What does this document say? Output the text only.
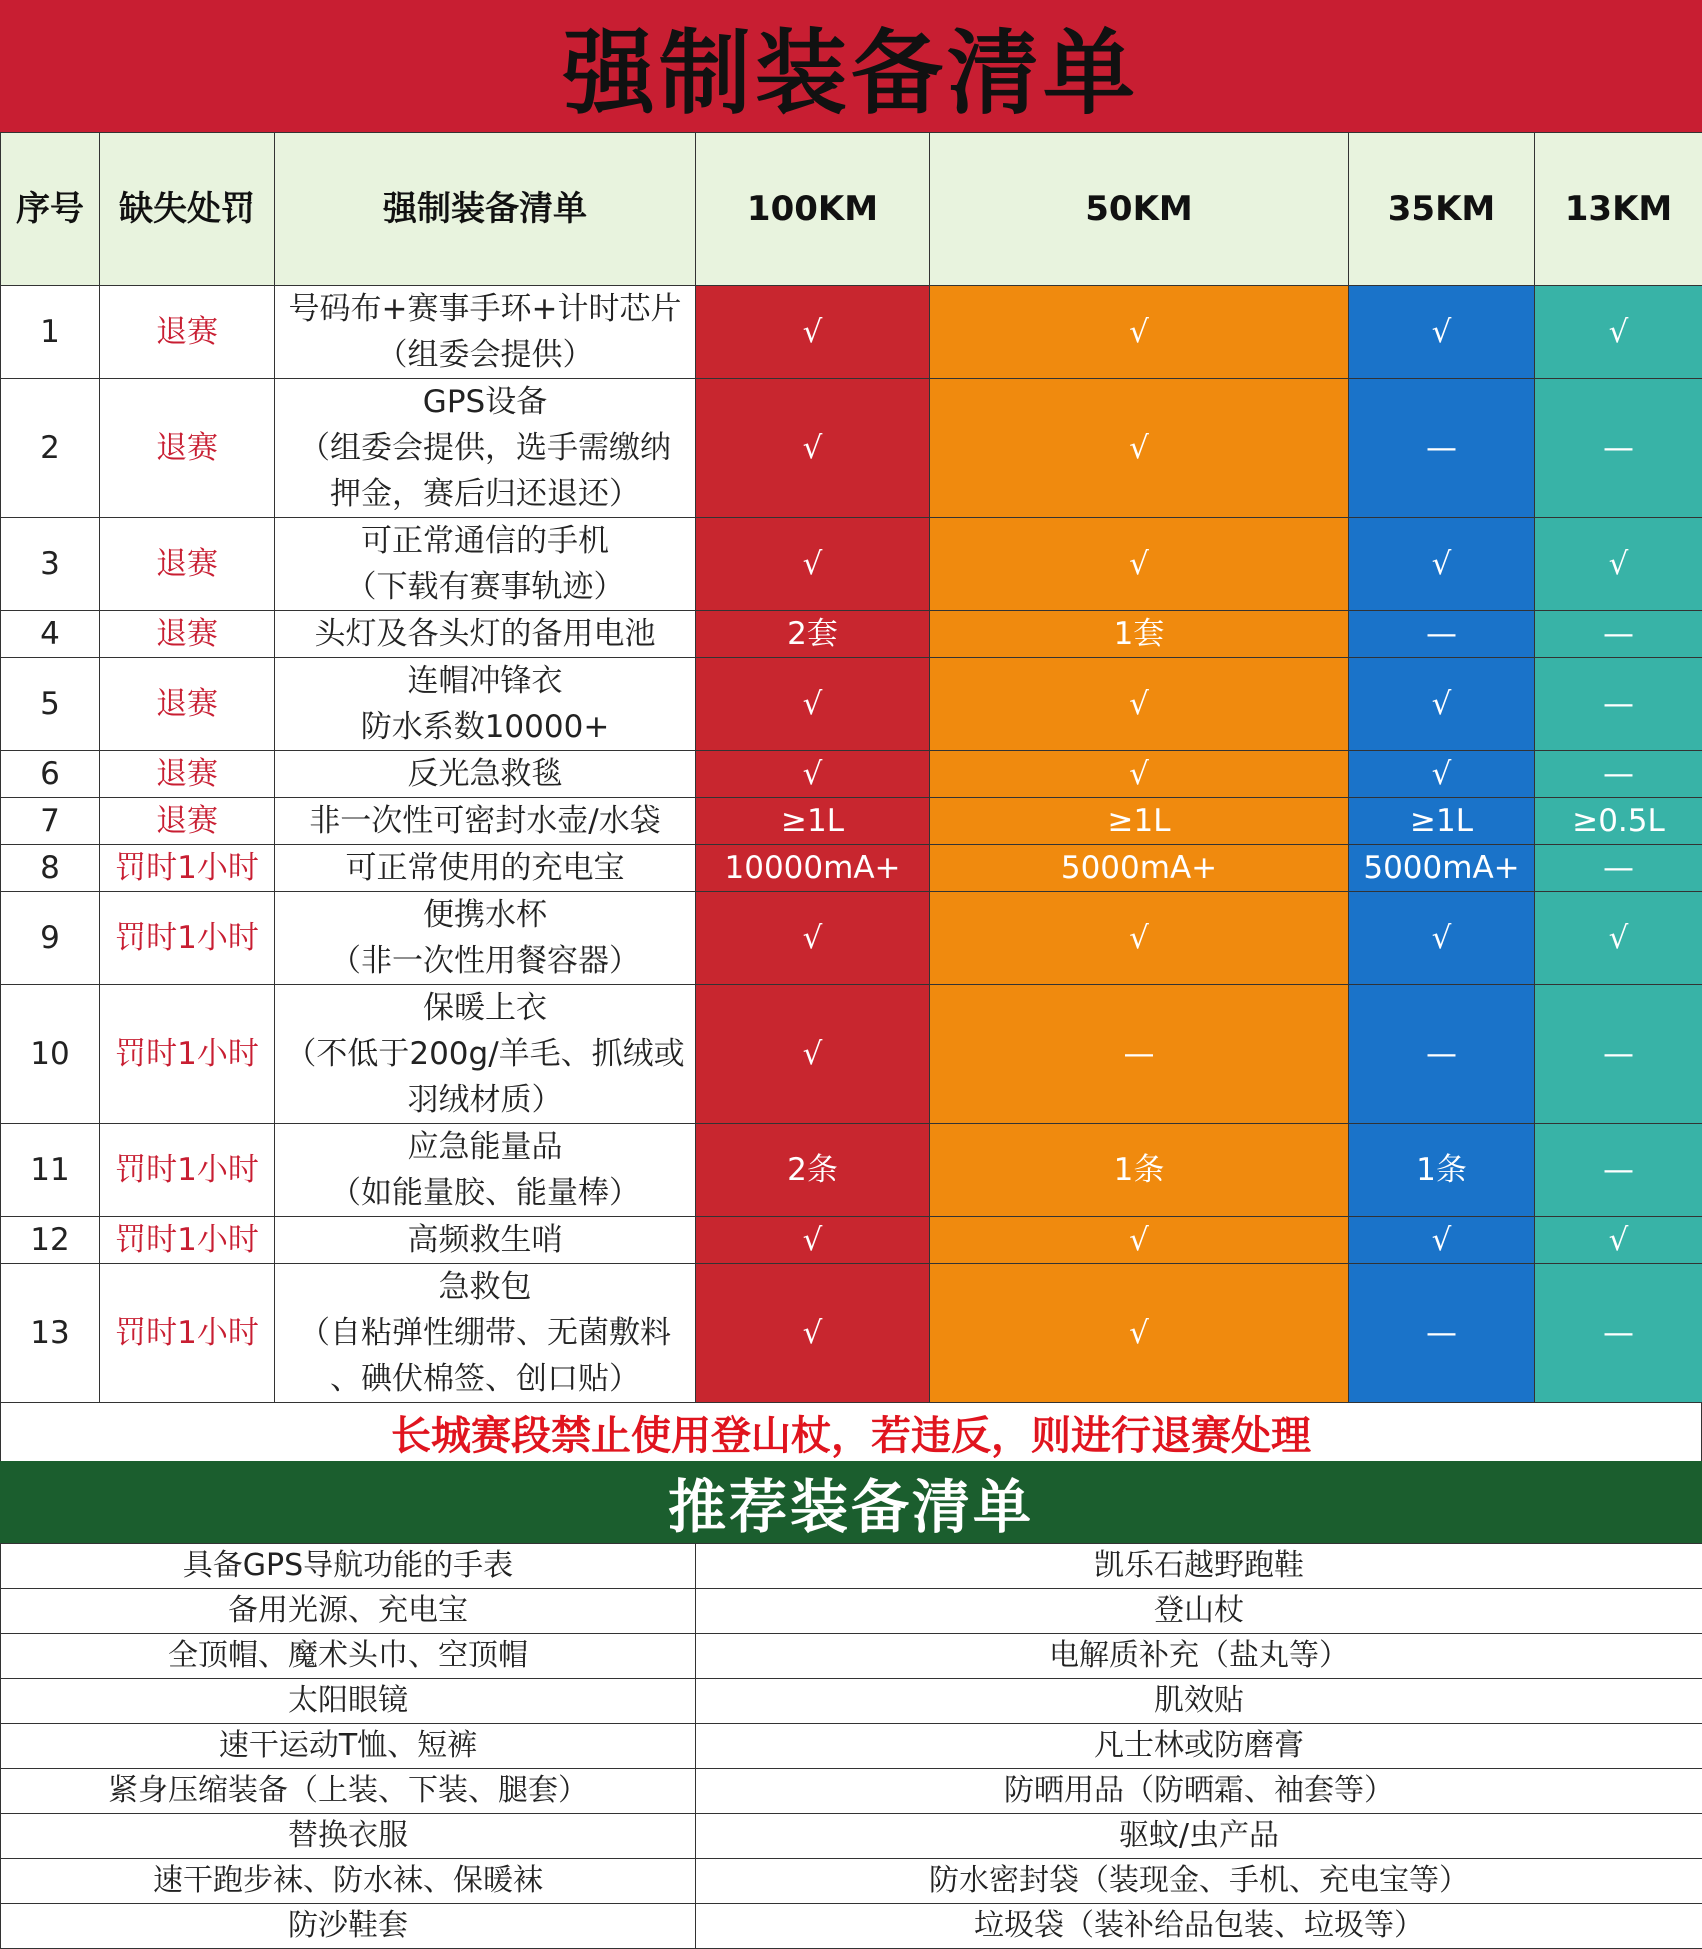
强制装备清单
序号	缺失处罚	强制装备清单	100KM	50KM	35KM	13KM
1	退赛	号码布+赛事手环+计时芯片
（组委会提供）	√	√	√	√
2	退赛	GPS设备
（组委会提供，选手需缴纳
押金，赛后归还退还）	√	√	—	—
3	退赛	可正常通信的手机
（下载有赛事轨迹）	√	√	√	√
4	退赛	头灯及各头灯的备用电池	2套	1套	—	—
5	退赛	连帽冲锋衣
防水系数10000+	√	√	√	—
6	退赛	反光急救毯	√	√	√	—
7	退赛	非一次性可密封水壶/水袋	≥1L	≥1L	≥1L	≥0.5L
8	罚时1小时	可正常使用的充电宝	10000mA+	5000mA+	5000mA+	—
9	罚时1小时	便携水杯
（非一次性用餐容器）	√	√	√	√
10	罚时1小时	保暖上衣
（不低于200g/羊毛、抓绒或
羽绒材质）	√	—	—	—
11	罚时1小时	应急能量品
（如能量胶、能量棒）	2条	1条	1条	—
12	罚时1小时	高频救生哨	√	√	√	√
13	罚时1小时	急救包
（自粘弹性绷带、无菌敷料
、碘伏棉签、创口贴）	√	√	—	—
长城赛段禁止使用登山杖，若违反，则进行退赛处理
推荐装备清单
具备GPS导航功能的手表	凯乐石越野跑鞋
备用光源、充电宝	登山杖
全顶帽、魔术头巾、空顶帽	电解质补充（盐丸等）
太阳眼镜	肌效贴
速干运动T恤、短裤	凡士林或防磨膏
紧身压缩装备（上装、下装、腿套）	防晒用品（防晒霜、袖套等）
替换衣服	驱蚊/虫产品
速干跑步袜、防水袜、保暖袜	防水密封袋（装现金、手机、充电宝等）
防沙鞋套	垃圾袋（装补给品包装、垃圾等）
